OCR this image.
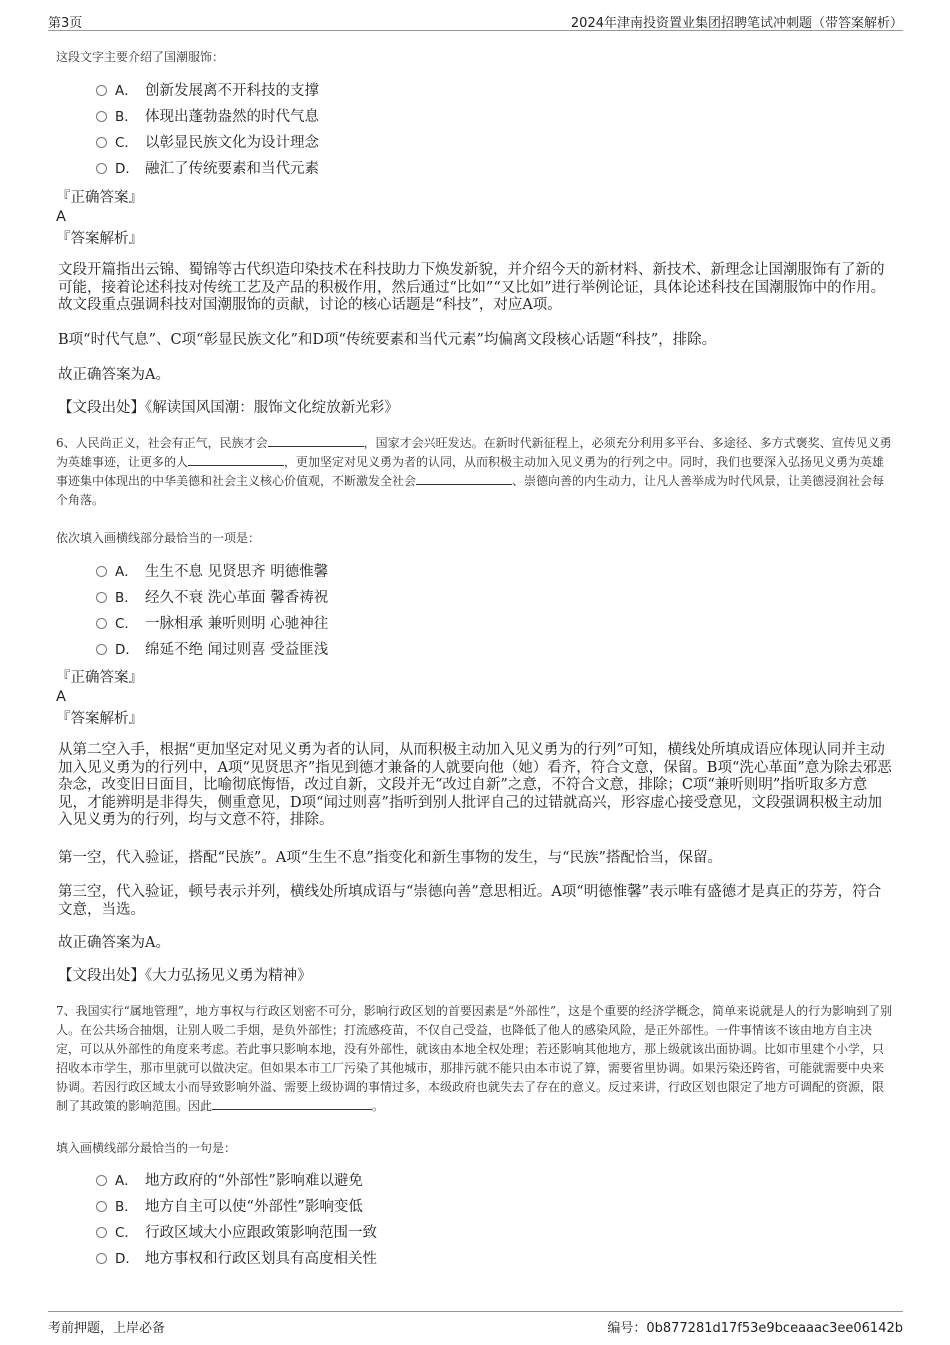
第3页	2024年津南投资置业集团招聘笔试冲刺题（带答案解析）
这段文字主要介绍了国潮服饰：
A． 创新发展离不开科技的支撑
B． 体现出蓬勃盎然的时代气息
C． 以彰显民族文化为设计理念
D． 融汇了传统要素和当代元素
『正确答案』
A
『答案解析』
文段开篇指出云锦、蜀锦等古代织造印染技术在科技助力下焕发新貌，并介绍今天的新材料、新技术、新理念让国潮服饰有了新的可能，接着论述科技对传统工艺及产品的积极作用，然后通过“比如”“又比如”进行举例论证，具体论述科技在国潮服饰中的作用。故文段重点强调科技对国潮服饰的贡献，讨论的核心话题是“科技”，对应A项。
B项“时代气息”、C项“彰显民族文化”和D项“传统要素和当代元素”均偏离文段核心话题“科技”，排除。
故正确答案为A。
【文段出处】《解读国风国潮：服饰文化绽放新光彩》
6、人民尚正义，社会有正气，民族才会	，国家才会兴旺发达。在新时代新征程上，必须充分利用多平台、多途径、多方式褒奖、宣传见义勇为英雄事迹，让更多的人	，更加坚定对见义勇为者的认同，从而积极主动加入见义勇为的行列之中。同时，我们也要深入弘扬见义勇为英雄事迹集中体现出的中华美德和社会主义核心价值观，不断激发全社会	、崇德向善的内生动力，让凡人善举成为时代风景，让美德浸润社会每个角落。
依次填入画横线部分最恰当的一项是：
A． 生生不息 见贤思齐 明德惟馨
B． 经久不衰 洗心革面 馨香祷祝
C． 一脉相承 兼听则明 心驰神往
D． 绵延不绝 闻过则喜 受益匪浅
『正确答案』
A
『答案解析』
从第二空入手，根据“更加坚定对见义勇为者的认同，从而积极主动加入见义勇为的行列”可知，横线处所填成语应体现认同并主动加入见义勇为的行列中，A项“见贤思齐”指见到德才兼备的人就要向他（她）看齐，符合文意，保留。B项“洗心革面”意为除去邪恶杂念，改变旧日面目，比喻彻底悔悟，改过自新，文段并无“改过自新”之意，不符合文意，排除；C项“兼听则明”指听取多方意见，才能辨明是非得失，侧重意见，D项“闻过则喜”指听到别人批评自己的过错就高兴，形容虚心接受意见，文段强调积极主动加入见义勇为的行列，均与文意不符，排除。
第一空，代入验证，搭配“民族”。A项“生生不息”指变化和新生事物的发生，与“民族”搭配恰当，保留。
第三空，代入验证，顿号表示并列，横线处所填成语与“崇德向善”意思相近。A项“明德惟馨”表示唯有盛德才是真正的芬芳，符合文意，当选。
故正确答案为A。
【文段出处】《大力弘扬见义勇为精神》
7、我国实行“属地管理”，地方事权与行政区划密不可分，影响行政区划的首要因素是“外部性”，这是个重要的经济学概念，简单来说就是人的行为影响到了别人。在公共场合抽烟，让别人吸二手烟，是负外部性；打流感疫苗，不仅自己受益，也降低了他人的感染风险，是正外部性。一件事情该不该由地方自主决定，可以从外部性的角度来考虑。若此事只影响本地，没有外部性，就该由本地全权处理；若还影响其他地方，那上级就该出面协调。比如市里建个小学，只招收本市学生，那市里就可以做决定。但如果本市工厂污染了其他城市，那排污就不能只由本市说了算，需要省里协调。如果污染还跨省，可能就需要中央来协调。若因行政区域太小而导致影响外溢、需要上级协调的事情过多，本级政府也就失去了存在的意义。反过来讲，行政区划也限定了地方可调配的资源，限制了其政策的影响范围。因此	。
填入画横线部分最恰当的一句是：
A． 地方政府的“外部性”影响难以避免
B． 地方自主可以使“外部性”影响变低
C． 行政区域大小应跟政策影响范围一致
D． 地方事权和行政区划具有高度相关性
考前押题，上岸必备	编号：0b877281d17f53e9bceaaac3ee06142b
